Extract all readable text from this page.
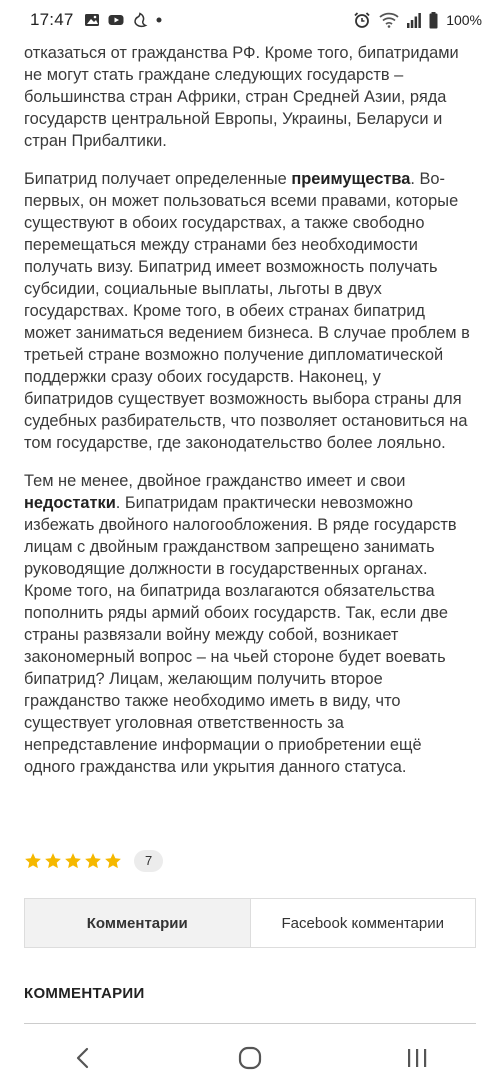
17:47	100%

отказаться от гражданства РФ. Кроме того, бипатридами не могут стать граждане следующих государств – большинства стран Африки, стран Средней Азии, ряда государств центральной Европы, Украины, Беларуси и стран Прибалтики.

Бипатрид получает определенные преимущества. Во-первых, он может пользоваться всеми правами, которые существуют в обоих государствах, а также свободно перемещаться между странами без необходимости получать визу. Бипатрид имеет возможность получать субсидии, социальные выплаты, льготы в двух государствах. Кроме того, в обеих странах бипатрид может заниматься ведением бизнеса. В случае проблем в третьей стране возможно получение дипломатической поддержки сразу обоих государств. Наконец, у бипатридов существует возможность выбора страны для судебных разбирательств, что позволяет остановиться на том государстве, где законодательство более лояльно.

Тем не менее, двойное гражданство имеет и свои недостатки. Бипатридам практически невозможно избежать двойного налогообложения. В ряде государств лицам с двойным гражданством запрещено занимать руководящие должности в государственных органах. Кроме того, на бипатрида возлагаются обязательства пополнить ряды армий обоих государств. Так, если две страны развязали войну между собой, возникает закономерный вопрос – на чьей стороне будет воевать бипатрид? Лицам, желающим получить второе гражданство также необходимо иметь в виду, что существует уголовная ответственность за непредставление информации о приобретении ещё одного гражданства или укрытия данного статуса.

7
Комментарии	Facebook комментарии
КОММЕНТАРИИ
